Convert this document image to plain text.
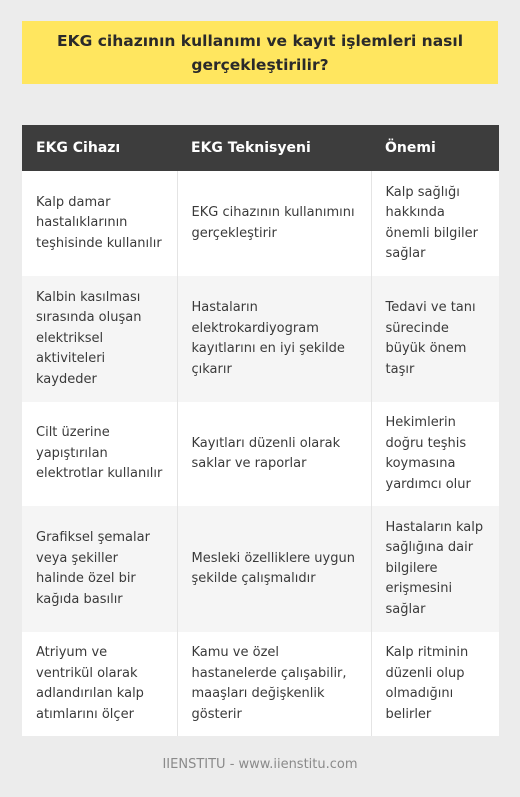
EKG cihazının kullanımı ve kayıt işlemleri nasıl gerçekleştirilir?
EKG Cihazı	EKG Teknisyeni	Önemi
Kalp damar hastalıklarının teşhisinde kullanılır	EKG cihazının kullanımını gerçekleştirir	Kalp sağlığı hakkında önemli bilgiler sağlar
Kalbin kasılması sırasında oluşan elektriksel aktiviteleri kaydeder	Hastaların elektrokardiyogram kayıtlarını en iyi şekilde çıkarır	Tedavi ve tanı sürecinde büyük önem taşır
Cilt üzerine yapıştırılan elektrotlar kullanılır	Kayıtları düzenli olarak saklar ve raporlar	Hekimlerin doğru teşhis koymasına yardımcı olur
Grafiksel şemalar veya şekiller halinde özel bir kağıda basılır	Mesleki özelliklere uygun şekilde çalışmalıdır	Hastaların kalp sağlığına dair bilgilere erişmesini sağlar
Atriyum ve ventrikül olarak adlandırılan kalp atımlarını ölçer	Kamu ve özel hastanelerde çalışabilir, maaşları değişkenlik gösterir	Kalp ritminin düzenli olup olmadığını belirler
IIENSTITU - www.iienstitu.com
